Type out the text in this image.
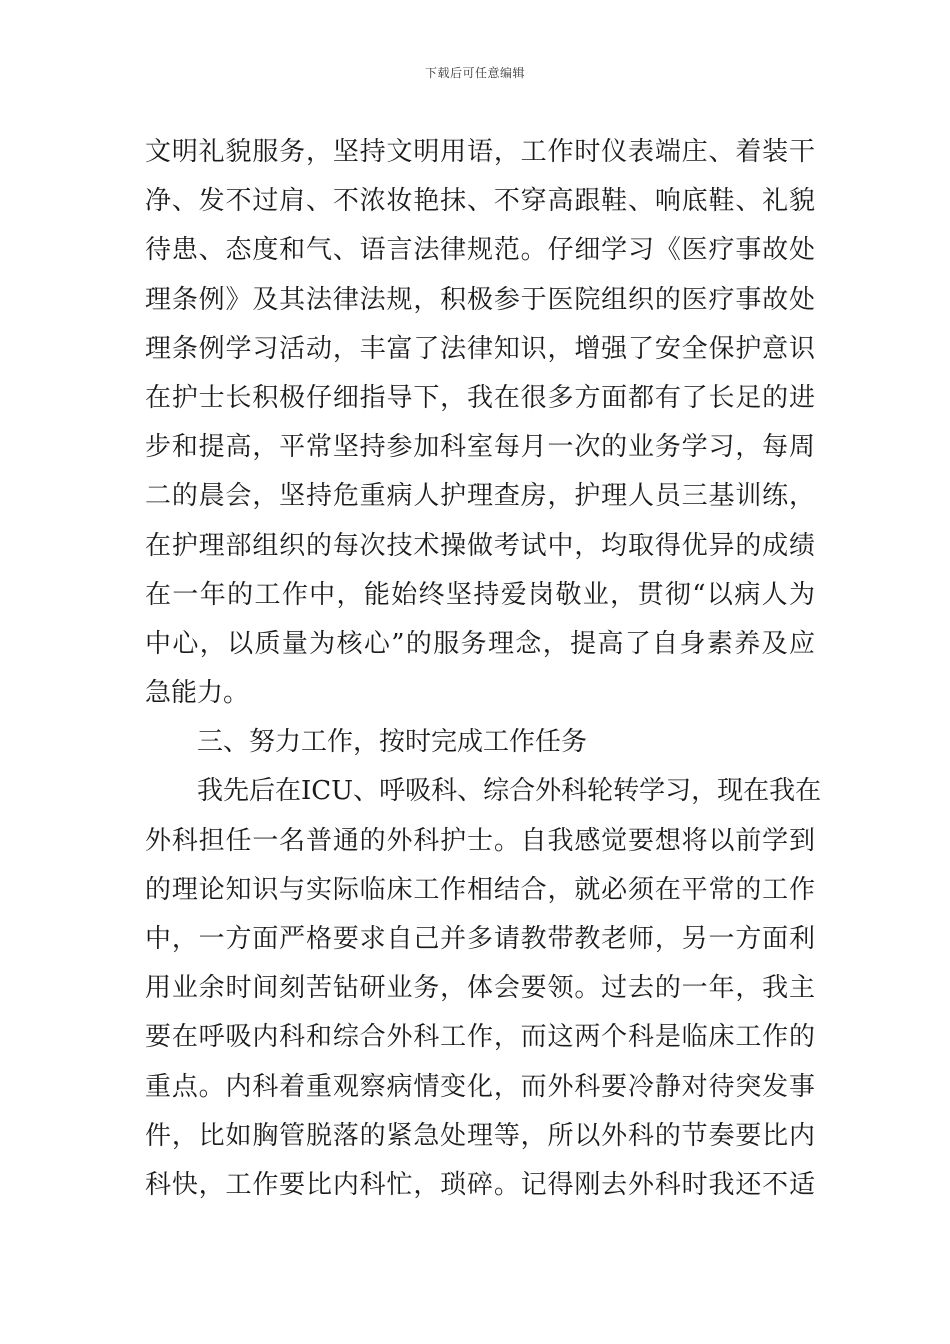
下载后可任意编辑
文明礼貌服务，坚持文明用语，工作时仪表端庄、着装干
净、发不过肩、不浓妆艳抹、不穿高跟鞋、响底鞋、礼貌
待患、态度和气、语言法律规范。仔细学习《医疗事故处
理条例》及其法律法规，积极参于医院组织的医疗事故处
理条例学习活动，丰富了法律知识，增强了安全保护意识
在护士长积极仔细指导下，我在很多方面都有了长足的进
步和提高，平常坚持参加科室每月一次的业务学习，每周
二的晨会，坚持危重病人护理查房，护理人员三基训练，
在护理部组织的每次技术操做考试中，均取得优异的成绩
在一年的工作中，能始终坚持爱岗敬业，贯彻“以病人为
中心，以质量为核心”的服务理念，提高了自身素养及应
急能力。
三、努力工作，按时完成工作任务
我先后在ICU、呼吸科、综合外科轮转学习，现在我在
外科担任一名普通的外科护士。自我感觉要想将以前学到
的理论知识与实际临床工作相结合，就必须在平常的工作
中，一方面严格要求自己并多请教带教老师，另一方面利
用业余时间刻苦钻研业务，体会要领。过去的一年，我主
要在呼吸内科和综合外科工作，而这两个科是临床工作的
重点。内科着重观察病情变化，而外科要冷静对待突发事
件，比如胸管脱落的紧急处理等，所以外科的节奏要比内
科快，工作要比内科忙，琐碎。记得刚去外科时我还不适
